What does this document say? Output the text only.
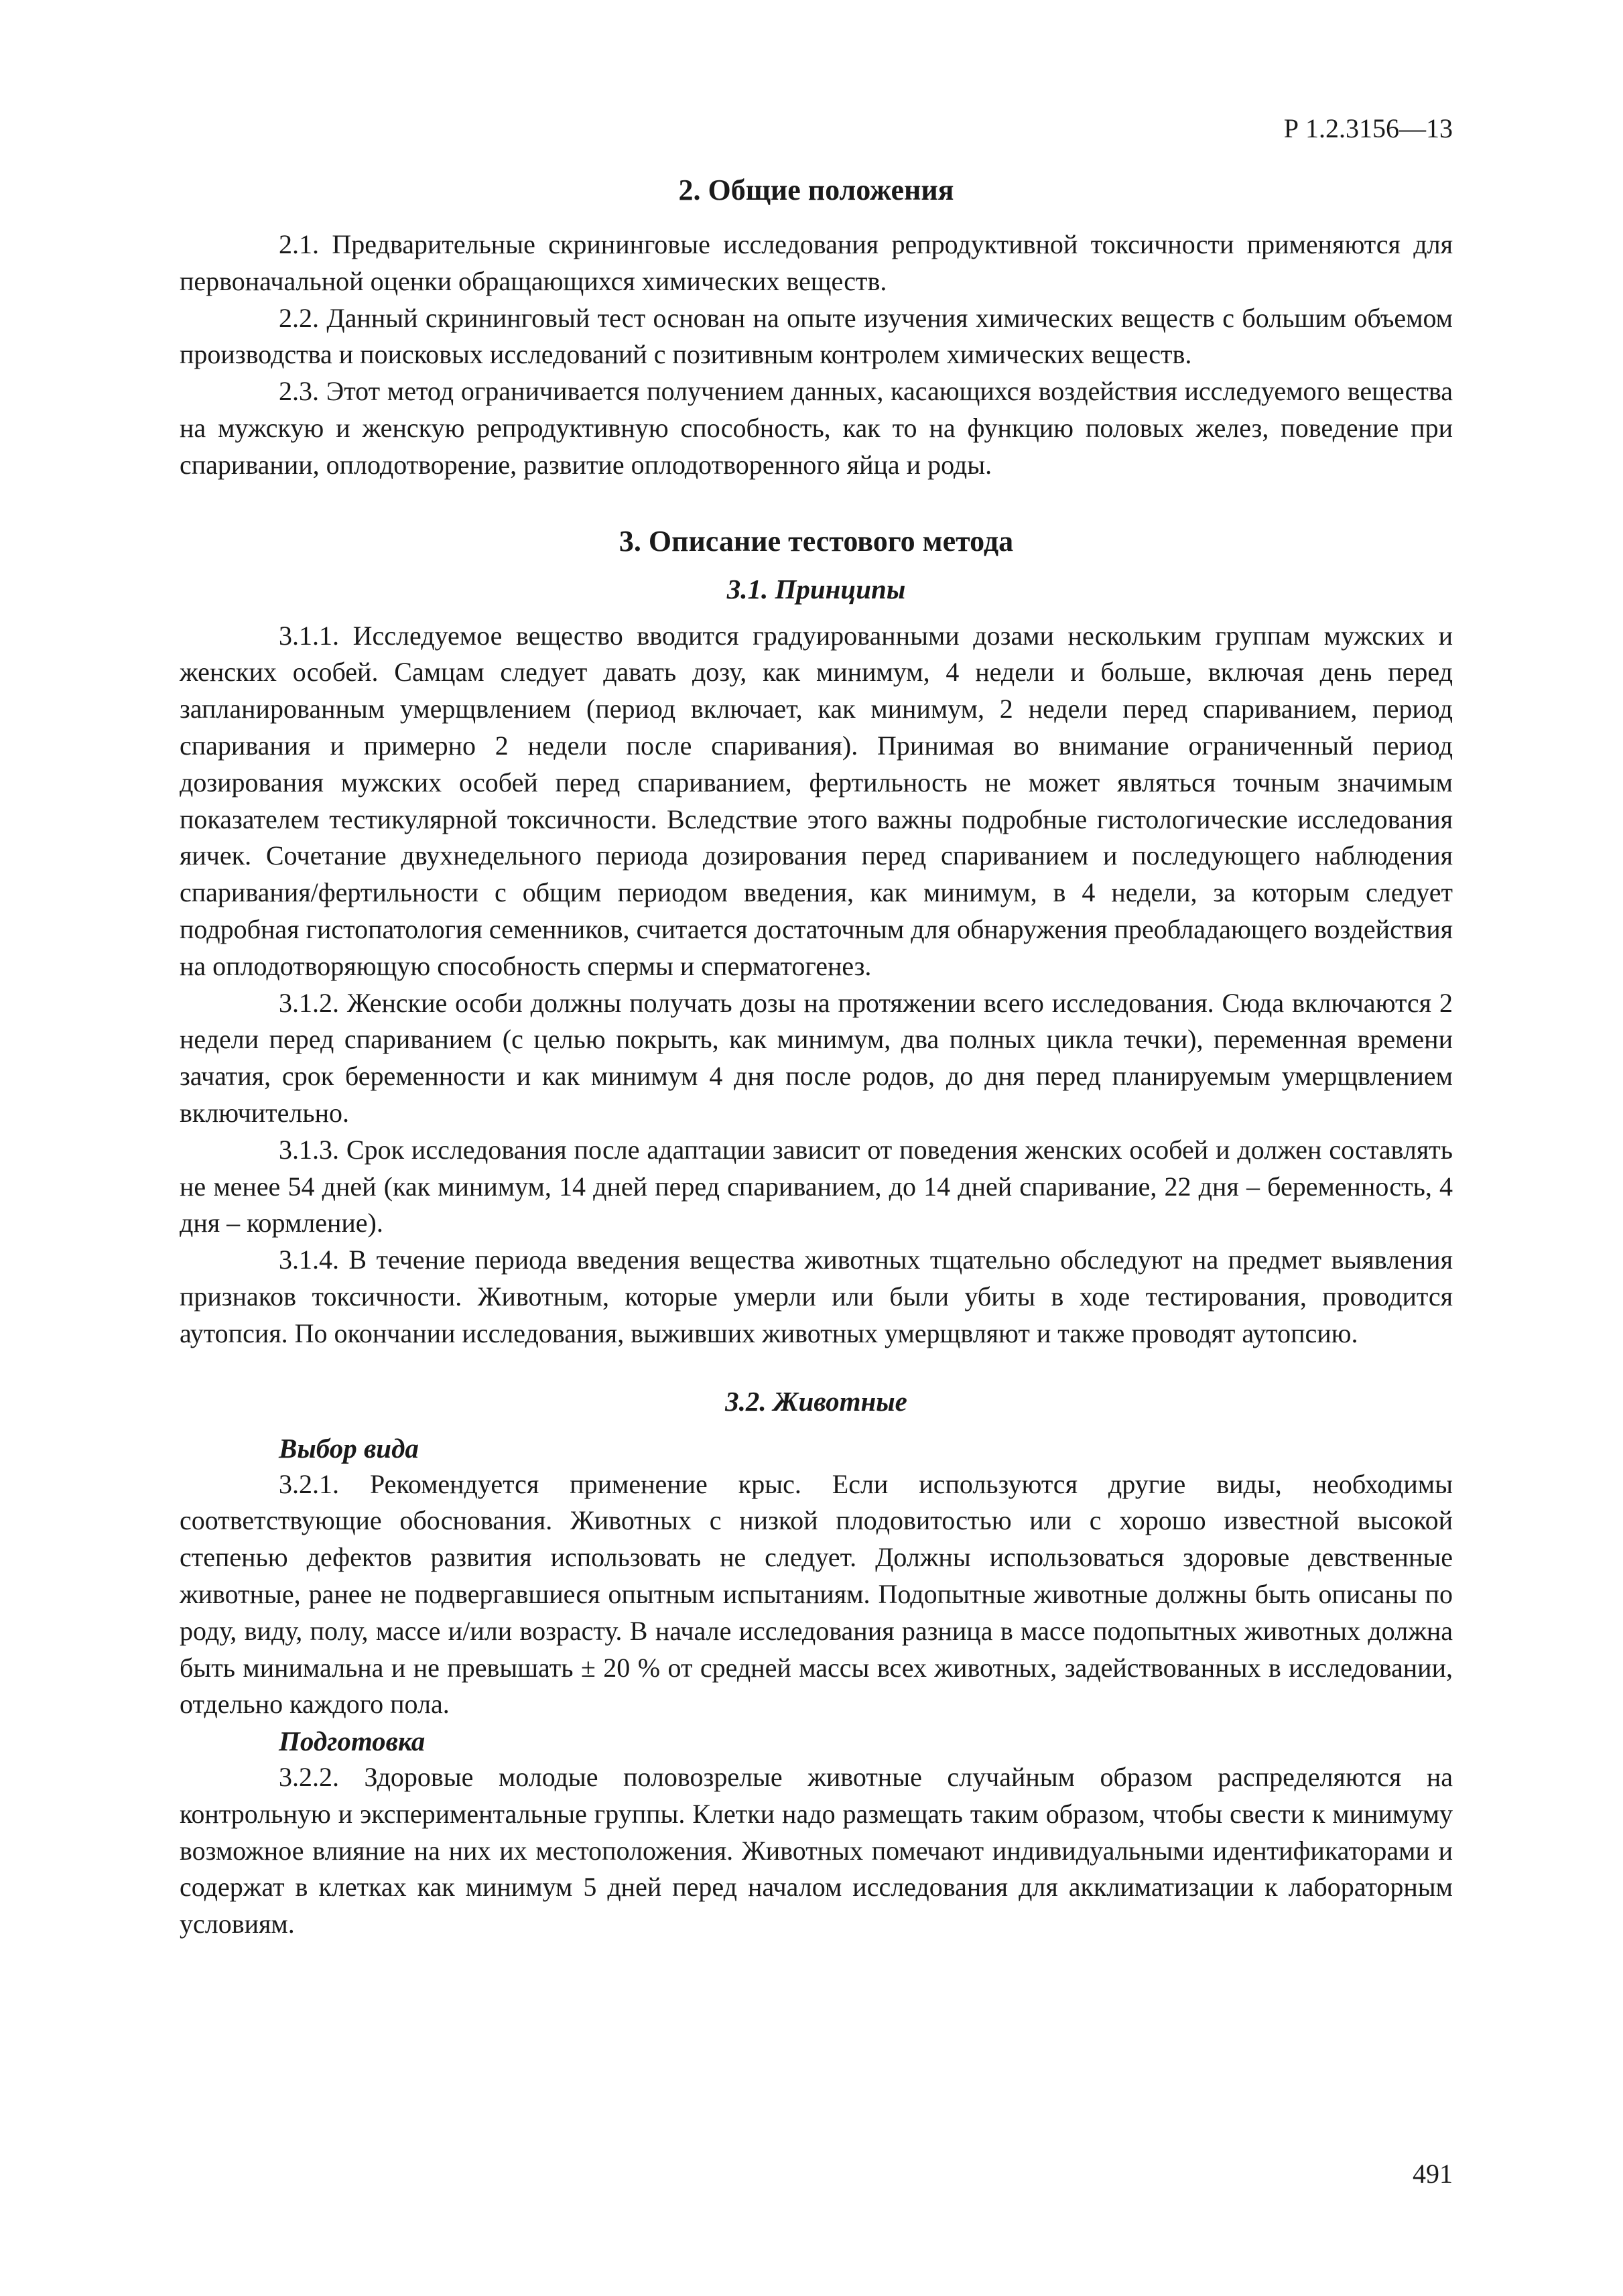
Р 1.2.3156—13
2. Общие положения

2.1. Предварительные скрининговые исследования репродуктивной токсичности применяются для первоначальной оценки обращающихся химических веществ.

2.2. Данный скрининговый тест основан на опыте изучения химических веществ с большим объемом производства и поисковых исследований с позитивным контролем химических веществ.

2.3. Этот метод ограничивается получением данных, касающихся воздействия исследуемого вещества на мужскую и женскую репродуктивную способность, как то на функцию половых желез, поведение при спаривании, оплодотворение, развитие оплодотворенного яйца и роды.

3. Описание тестового метода
3.1. Принципы

3.1.1. Исследуемое вещество вводится градуированными дозами нескольким группам мужских и женских особей. Самцам следует давать дозу, как минимум, 4 недели и больше, включая день перед запланированным умерщвлением (период включает, как минимум, 2 недели перед спариванием, период спаривания и примерно 2 недели после спаривания). Принимая во внимание ограниченный период дозирования мужских особей перед спариванием, фертильность не может являться точным значимым показателем тестикулярной токсичности. Вследствие этого важны подробные гистологические исследования яичек. Сочетание двухнедельного периода дозирования перед спариванием и последующего наблюдения спаривания/фертильности с общим периодом введения, как минимум, в 4 недели, за которым следует подробная гистопатология семенников, считается достаточным для обнаружения преобладающего воздействия на оплодотворяющую способность спермы и сперматогенез.

3.1.2. Женские особи должны получать дозы на протяжении всего исследования. Сюда включаются 2 недели перед спариванием (с целью покрыть, как минимум, два полных цикла течки), переменная времени зачатия, срок беременности и как минимум 4 дня после родов, до дня перед планируемым умерщвлением включительно.

3.1.3. Срок исследования после адаптации зависит от поведения женских особей и должен составлять не менее 54 дней (как минимум, 14 дней перед спариванием, до 14 дней спаривание, 22 дня – беременность, 4 дня – кормление).

3.1.4. В течение периода введения вещества животных тщательно обследуют на предмет выявления признаков токсичности. Животным, которые умерли или были убиты в ходе тестирования, проводится аутопсия. По окончании исследования, выживших животных умерщвляют и также проводят аутопсию.

3.2. Животные
Выбор вида

3.2.1. Рекомендуется применение крыс. Если используются другие виды, необходимы соответствующие обоснования. Животных с низкой плодовитостью или с хорошо известной высокой степенью дефектов развития использовать не следует. Должны использоваться здоровые девственные животные, ранее не подвергавшиеся опытным испытаниям. Подопытные животные должны быть описаны по роду, виду, полу, массе и/или возрасту. В начале исследования разница в массе подопытных животных должна быть минимальна и не превышать ± 20 % от средней массы всех животных, задействованных в исследовании, отдельно каждого пола.

Подготовка

3.2.2. Здоровые молодые половозрелые животные случайным образом распределяются на контрольную и экспериментальные группы. Клетки надо размещать таким образом, чтобы свести к минимуму возможное влияние на них их местоположения. Животных помечают индивидуальными идентификаторами и содержат в клетках как минимум 5 дней перед началом исследования для акклиматизации к лабораторным условиям.

491
